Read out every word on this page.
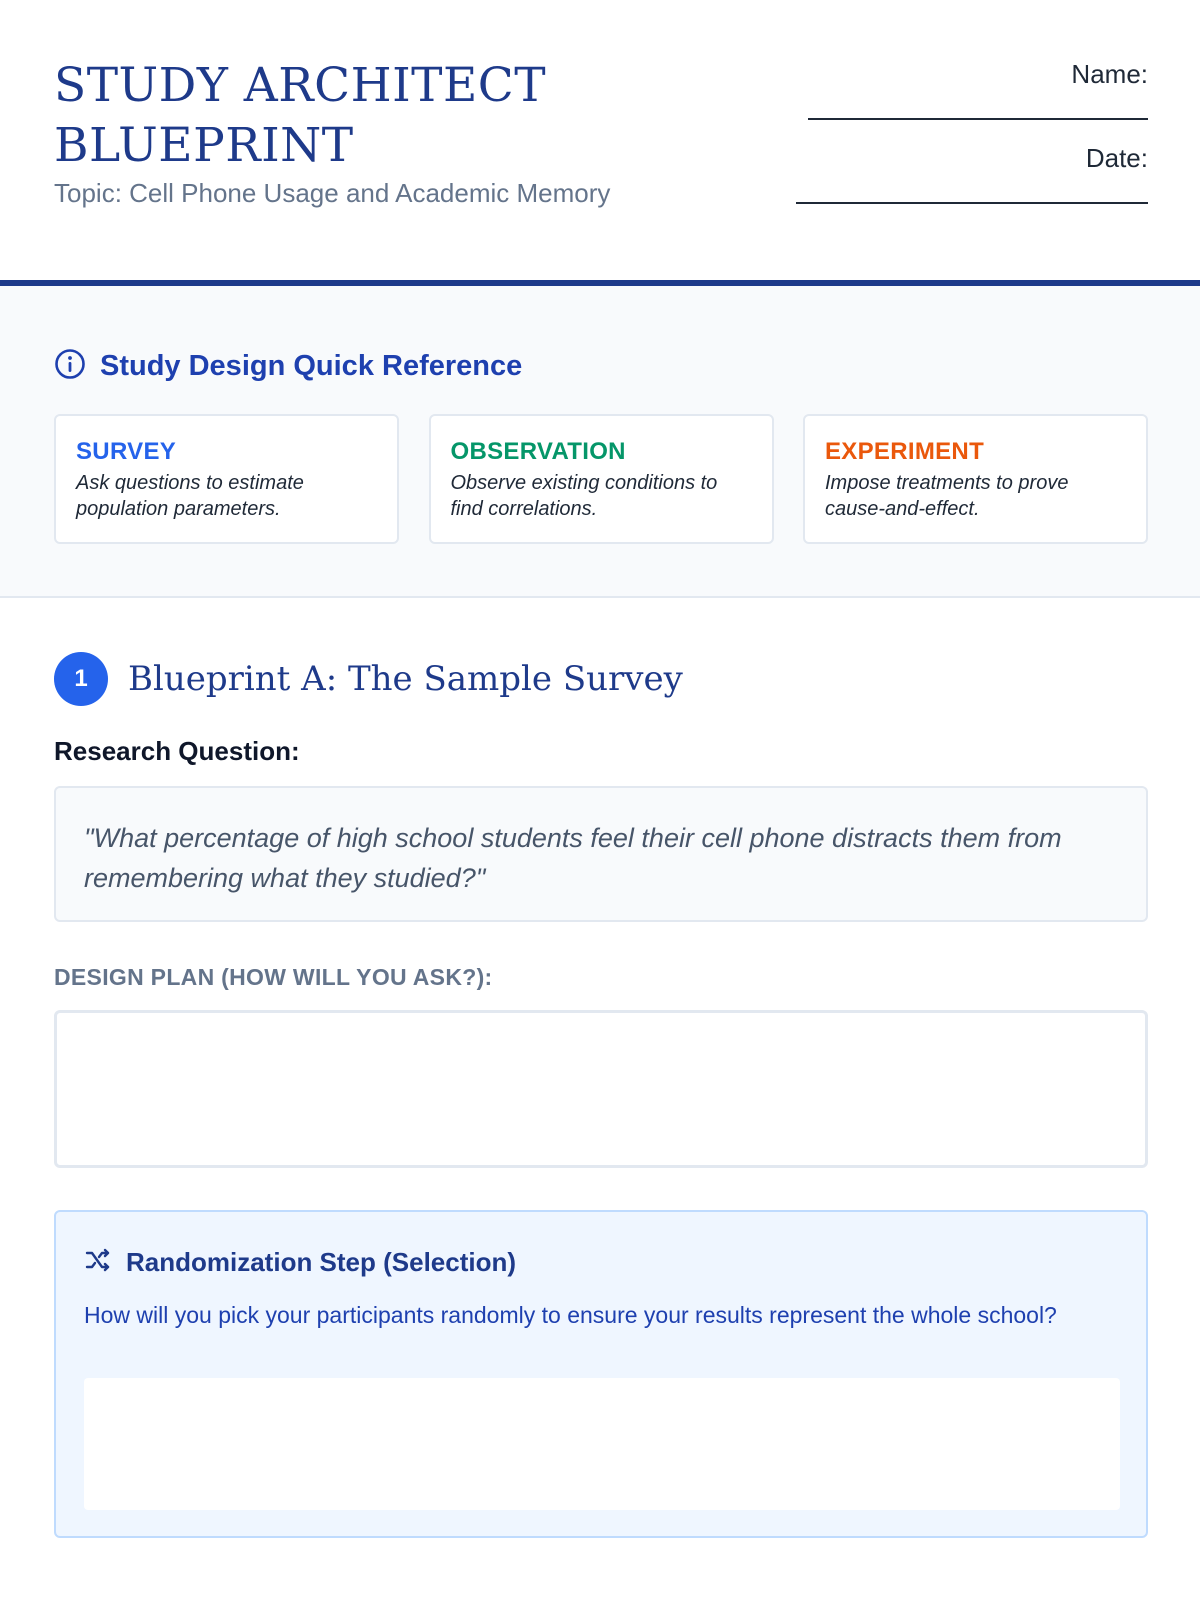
STUDY ARCHITECT BLUEPRINT
Topic: Cell Phone Usage and Academic Memory
Name:
Date:
Study Design Quick Reference
SURVEY
Ask questions to estimate population parameters.
OBSERVATION
Observe existing conditions to find correlations.
EXPERIMENT
Impose treatments to prove cause-and-effect.
1	Blueprint A: The Sample Survey
Research Question:
"What percentage of high school students feel their cell phone distracts them from remembering what they studied?"
DESIGN PLAN (HOW WILL YOU ASK?):
Randomization Step (Selection)
How will you pick your participants randomly to ensure your results represent the whole school?
